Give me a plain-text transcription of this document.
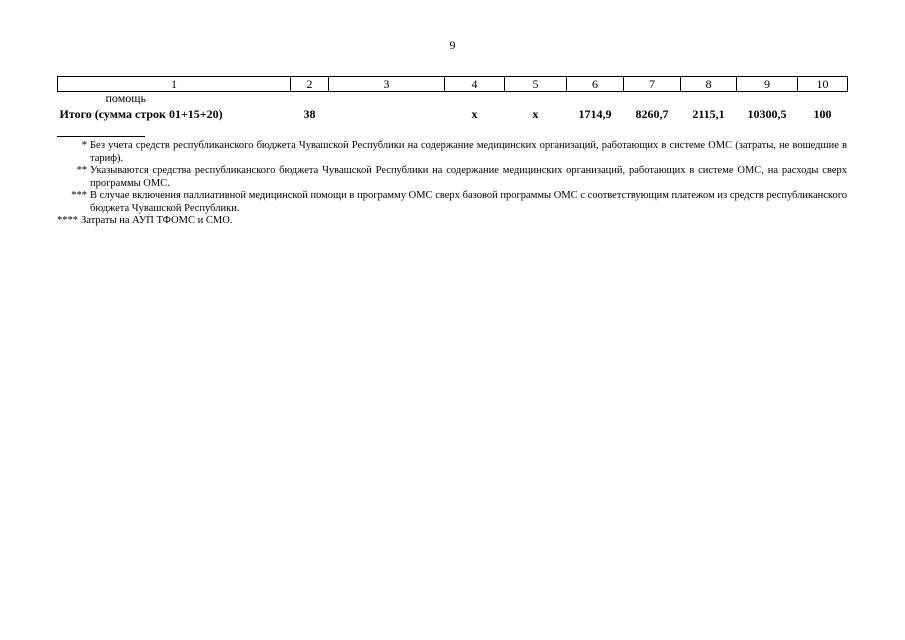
9
1	2	3	4	5	6	7	8	9	10
помощь									
Итого (сумма строк 01+15+20)	38		х	х	1714,9	8260,7	2115,1	10300,5	100
* Без учета средств республиканского бюджета Чувашской Республики на содержание медицинских организаций, работающих в системе ОМС (затраты, не вошедшие в тариф).
** Указываются средства республиканского бюджета Чувашской Республики на содержание медицинских организаций, работающих в системе ОМС, на расходы сверх программы ОМС.
*** В случае включения паллиативной медицинской помощи в программу ОМС сверх базовой программы ОМС с соответствующим платежом из средств республиканского бюджета Чувашской Республики.
**** Затраты на АУП ТФОМС и СМО.
